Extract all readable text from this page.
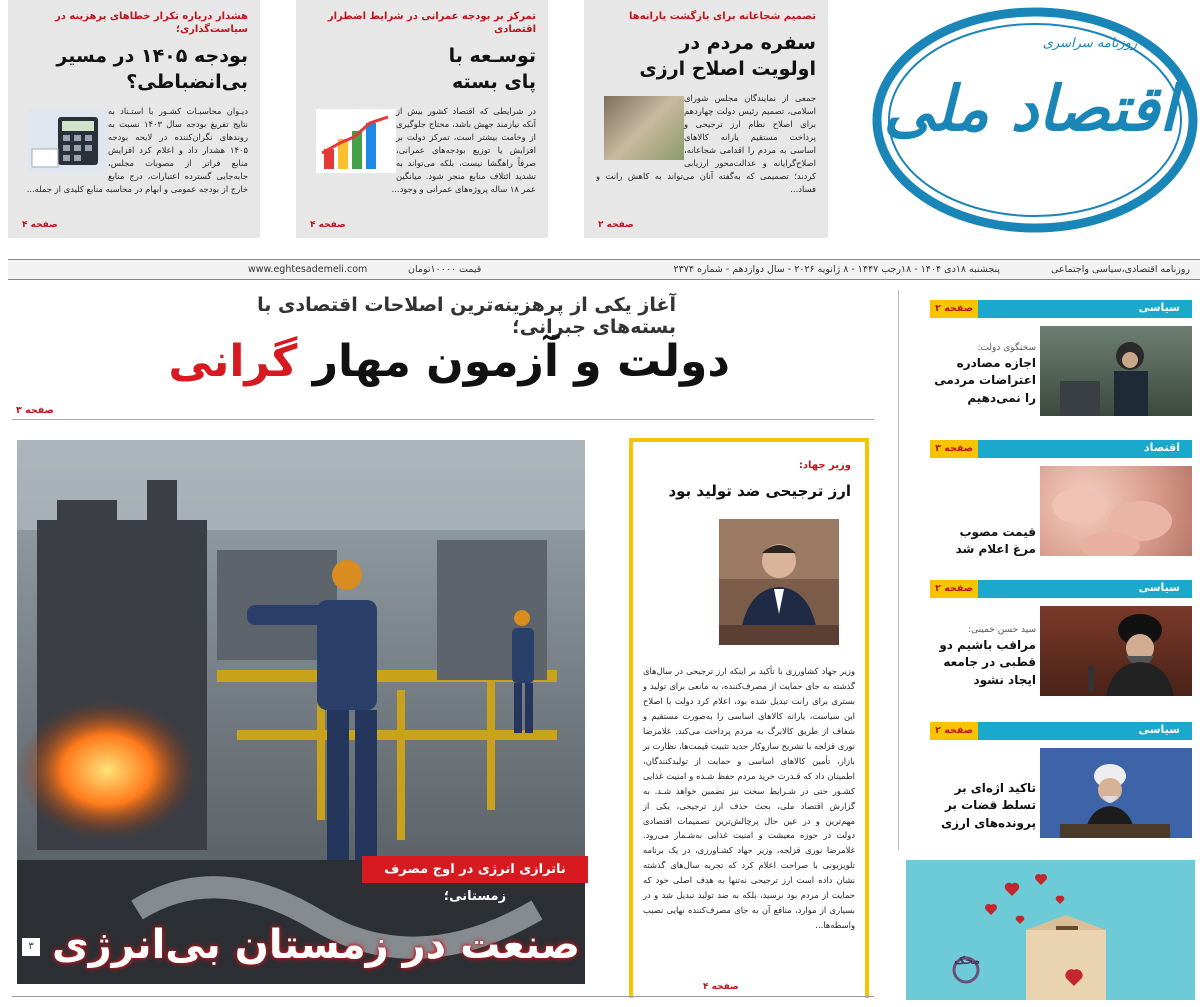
اقتصاد ملی
روزنامه سراسری
تصمیم شجاعانه برای بازگشت یارانه‌ها
سفره مردم در
اولویت اصلاح ارزی
جمعی از نمایندگان مجلس شورای اسلامی، تصمیم رئیس دولت چهاردهم برای اصلاح نظام ارز ترجیحی و پرداخت مستقیم یارانه کالاهای اساسی به مردم را اقدامی شجاعانه، اصلاح‌گرایانه و عدالت‌محور ارزیابی کردند؛ تصمیمی که به‌گفته آنان می‌تواند به کاهش رانت و فساد...
صفحه ۲
تمرکز بر بودجه عمرانی در شرایط اضطرار اقتصادی
توسـعه با
پای بسته
در شرایطی که اقتصاد کشور بیش از آنکه نیازمند جهش باشد، محتاج جلوگیری از وخامت بیشتر است، تمرکز دولت بر افزایش یا توزیع بودجه‌های عمرانی، صرفاً راهگشا نیست، بلکه می‌تواند به تشدید ائتلاف منابع منجر شود. میانگین عمر ۱۸ ساله پروژه‌های عمرانی و وجود...
صفحه ۴
هشدار درباره تکرار خطاهای پرهزینه در سیاست‌گذاری؛
بودجه ۱۴۰۵ در مسیر
بی‌انضباطی؟
دیـوان محاسبـات کشـور با استـناد به نتایج تفریغ بودجه سال ۱۴۰۳ نسبت به روندهای نگران‌کننده در لایحه بودجه ۱۴۰۵ هشدار داد و اعلام کرد افزایش منابع فراتر از مصوبات مجلس، جابه‌جایی گسترده اعتبارات، درج منابع خارج از بودجه عمومی و ابهام در محاسبه منابع کلیدی از جمله...
صفحه ۴
روزنامه اقتصادی،سیاسی واجتماعی
پنجشنبه ۱۸دی ۱۴۰۴ - ۱۸رجب ۱۴۴۷ - ۸ ژانویه ۲۰۲۶ - سال دوازدهم - شماره ۲۳۷۴
قیمت ۱۰۰۰۰تومان
www.eghtesademeli.com
آغاز یکی از پرهزینه‌ترین اصلاحات اقتصادی با بسته‌های جبرانی؛
دولت و آزمون مهار گرانی
صفحه ۳
ناترازی انرژی در اوج مصرف زمستانی؛
صنعت در زمستان بی‌انرژی
۳
وزیر جهاد:
ارز ترجیحی ضد تولید بود
وزیر جهاد کشاورزی با تأکید بر اینکه ارز ترجیحی در سال‌های گذشته به جای حمایت از مصرف‌کننده، به مانعی برای تولید و بستری برای رانت تبدیل شده بود، اعلام کرد دولت با اصلاح این سیاست، یارانه کالاهای اساسی را به‌صورت مستقیم و شفاف از طریق کالابرگ به مردم پرداخت می‌کند. غلامرضا نوری قزلجه با تشریح سازوکار جدید تثبیت قیمت‌ها، نظارت بر بازار، تأمین کالاهای اساسی و حمایت از تولیدکنندگان، اطمینان داد که قـدرت خرید مردم حفظ شـده و امنیت غذایی کشـور حتی در شـرایط سخت نیز تضمین خواهد شـد. به گزارش اقتصاد ملی، بحث حذف ارز ترجیحی، یکی از مهم‌ترین و در عین حال پرچالش‌ترین تصمیمات اقتصادی دولت در حوزه معیشت و امنیت غذایی به‌شـمار می‌رود. غلامرضا نوری قزلجه، وزیر جهاد کشـاورزی، در یک برنامه تلویزیونی با صراحت اعلام کرد که تجربه سال‌های گذشته نشان داده است ارز ترجیحی نه‌تنها به هدف اصلی خود که حمایت از مردم بود نرسید، بلکه به ضد تولید تبدیل شد و در بسیاری از موارد، منافع آن به جای مصرف‌کننده نهایی نصیب واسطه‌ها...
صفحه ۴
سیاسی
صفحه ۲
سخنگوی دولت:
اجازه مصادره اعتراضات مردمی را نمی‌دهیم
اقتصاد
صفحه ۳
قیمت مصوب مرغ اعلام شد
سیاسی
صفحه ۲
سید حسن خمینی:
مراقب باشیم دو قطبی در جامعه ایجاد نشود
سیاسی
صفحه ۲
تاکید اژه‌ای بر تسلط قضات بر پرونده‌های ارزی
محک
